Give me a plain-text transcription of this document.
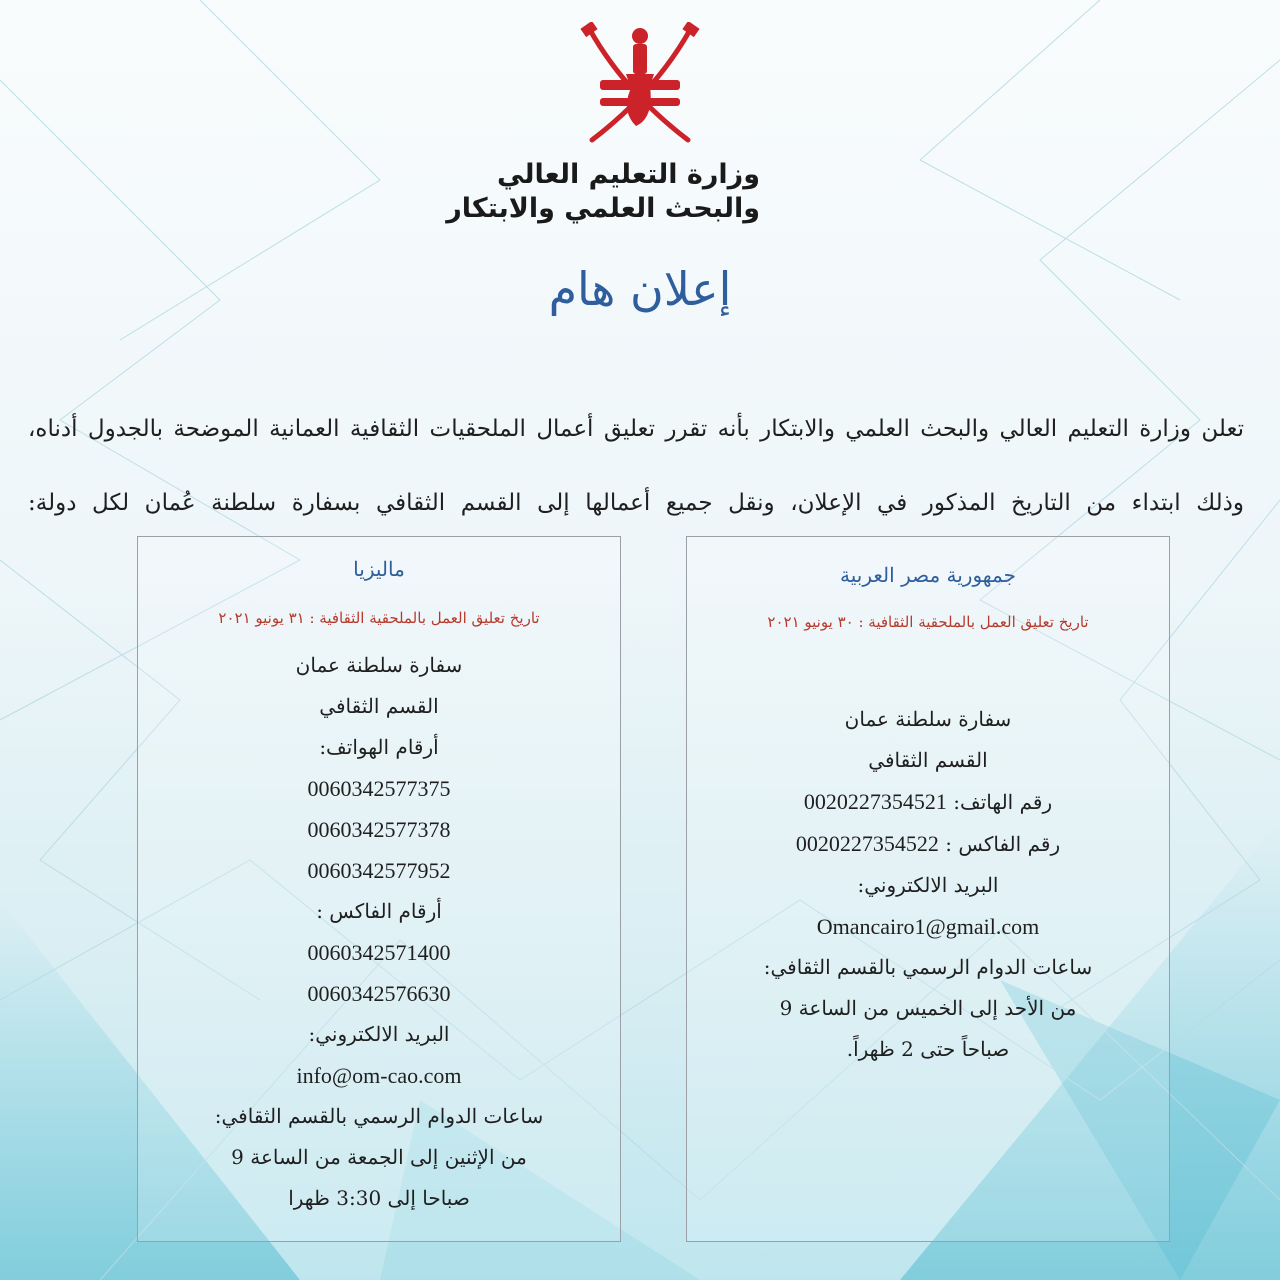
وزارة التعليم العالي
والبحث العلمي والابتكار
إعلان هام
تعلن وزارة التعليم العالي والبحث العلمي والابتكار بأنه تقرر تعليق أعمال الملحقيات الثقافية العمانية الموضحة بالجدول أدناه، وذلك ابتداء من التاريخ المذكور في الإعلان، ونقل جميع أعمالها إلى القسم الثقافي بسفارة سلطنة عُمان لكل دولة:
جمهورية مصر العربية
تاريخ تعليق العمل بالملحقية الثقافية : ٣٠ يونيو ٢٠٢١
سفارة سلطنة عمان
القسم الثقافي
رقم الهاتف: 0020227354521
رقم الفاكس : 0020227354522
البريد الالكتروني:
Omancairo1@gmail.com
ساعات الدوام الرسمي بالقسم الثقافي:
من الأحد إلى الخميس من الساعة 9
صباحاً حتى 2 ظهراً.
ماليزيا
تاريخ تعليق العمل بالملحقية الثقافية : ٣١ يونيو ٢٠٢١
سفارة سلطنة عمان
القسم الثقافي
أرقام الهواتف:
0060342577375
0060342577378
0060342577952
أرقام الفاكس :
0060342571400
0060342576630
البريد الالكتروني:
info@om-cao.com
ساعات الدوام الرسمي بالقسم الثقافي:
من الإثنين إلى الجمعة من الساعة 9
صباحا إلى 3:30 ظهرا
